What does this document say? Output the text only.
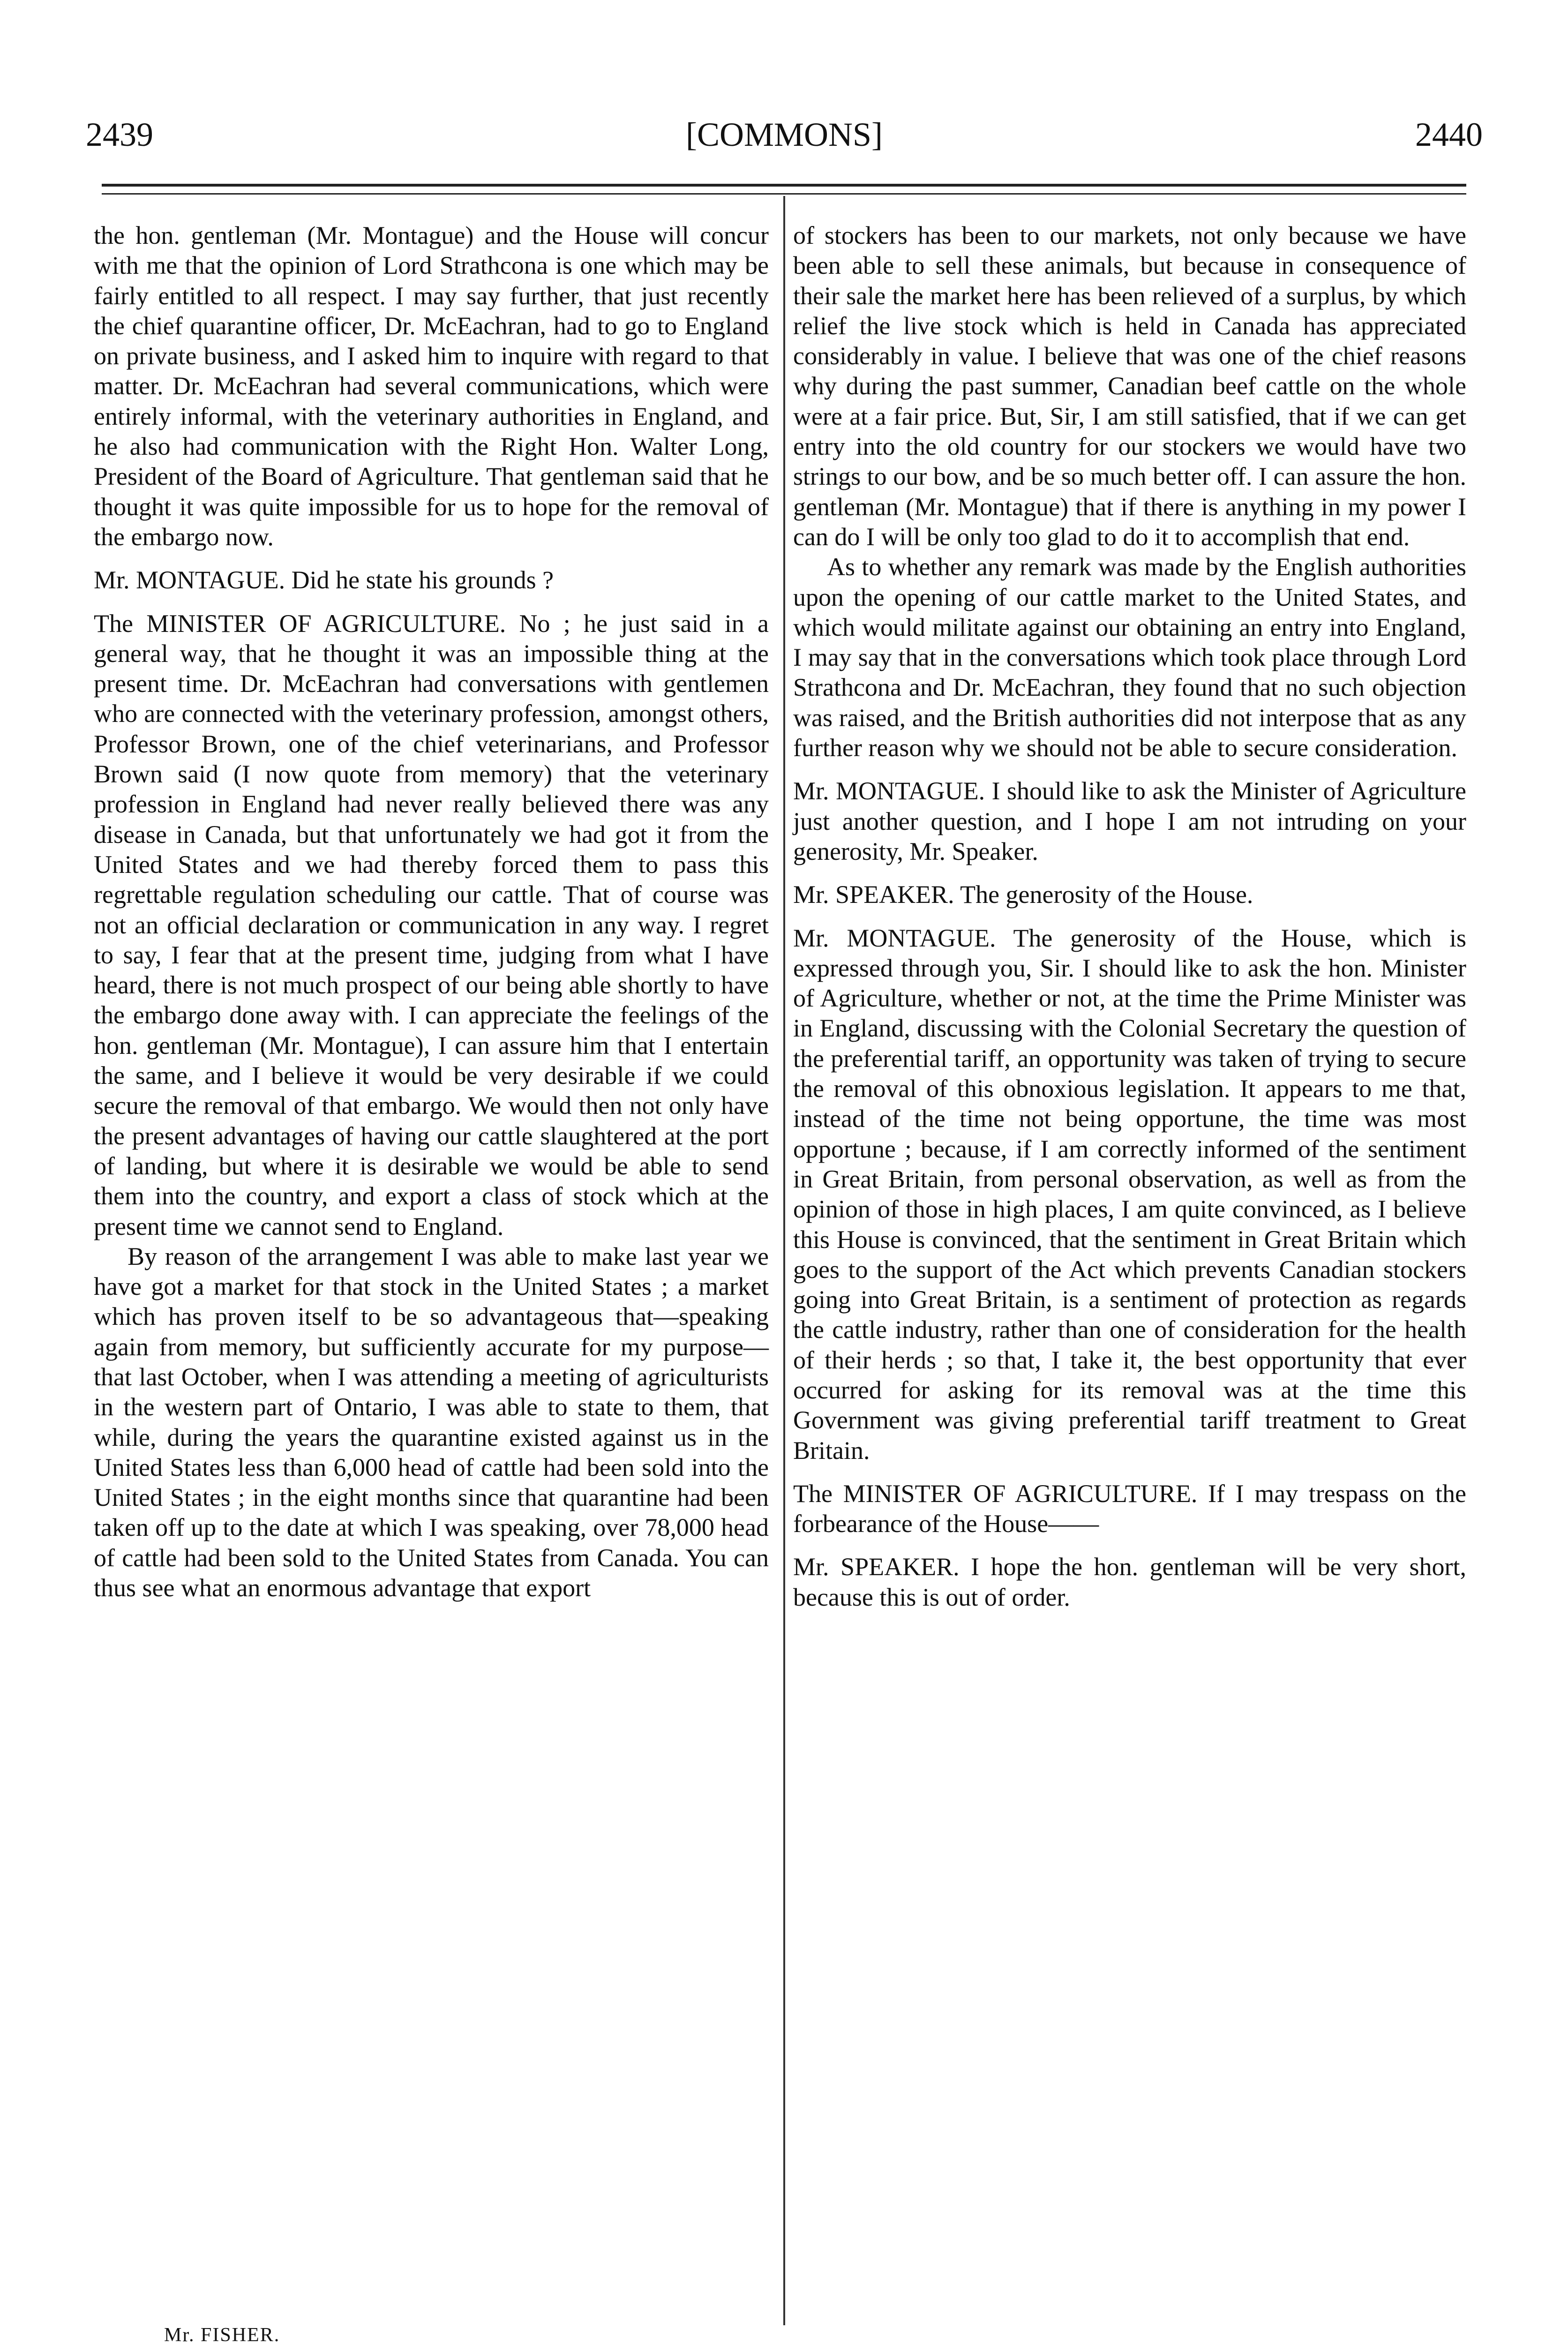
2439	[COMMONS]	2440

the hon. gentleman (Mr. Montague) and the House will concur with me that the opinion of Lord Strathcona is one which may be fairly entitled to all respect. I may say further, that just recently the chief quarantine officer, Dr. McEachran, had to go to England on private business, and I asked him to inquire with regard to that matter. Dr. McEachran had several communications, which were entirely informal, with the veterinary authorities in England, and he also had communication with the Right Hon. Walter Long, President of the Board of Agriculture. That gentleman said that he thought it was quite impossible for us to hope for the removal of the embargo now.

Mr. MONTAGUE. Did he state his grounds ?

The MINISTER OF AGRICULTURE. No ; he just said in a general way, that he thought it was an impossible thing at the present time. Dr. McEachran had conversations with gentlemen who are connected with the veterinary profession, amongst others, Professor Brown, one of the chief veterinarians, and Professor Brown said (I now quote from memory) that the veterinary profession in England had never really believed there was any disease in Canada, but that unfortunately we had got it from the United States and we had thereby forced them to pass this regrettable regulation scheduling our cattle. That of course was not an official declaration or communication in any way. I regret to say, I fear that at the present time, judging from what I have heard, there is not much prospect of our being able shortly to have the embargo done away with. I can appreciate the feelings of the hon. gentleman (Mr. Montague), I can assure him that I entertain the same, and I believe it would be very desirable if we could secure the removal of that embargo. We would then not only have the present advantages of having our cattle slaughtered at the port of landing, but where it is desirable we would be able to send them into the country, and export a class of stock which at the present time we cannot send to England.

By reason of the arrangement I was able to make last year we have got a market for that stock in the United States ; a market which has proven itself to be so advantageous that—speaking again from memory, but sufficiently accurate for my purpose—that last October, when I was attending a meeting of agriculturists in the western part of Ontario, I was able to state to them, that while, during the years the quarantine existed against us in the United States less than 6,000 head of cattle had been sold into the United States ; in the eight months since that quarantine had been taken off up to the date at which I was speaking, over 78,000 head of cattle had been sold to the United States from Canada. You can thus see what an enormous advantage that export

of stockers has been to our markets, not only because we have been able to sell these animals, but because in consequence of their sale the market here has been relieved of a surplus, by which relief the live stock which is held in Canada has appreciated considerably in value. I believe that was one of the chief reasons why during the past summer, Canadian beef cattle on the whole were at a fair price. But, Sir, I am still satisfied, that if we can get entry into the old country for our stockers we would have two strings to our bow, and be so much better off. I can assure the hon. gentleman (Mr. Montague) that if there is anything in my power I can do I will be only too glad to do it to accomplish that end.

As to whether any remark was made by the English authorities upon the opening of our cattle market to the United States, and which would militate against our obtaining an entry into England, I may say that in the conversations which took place through Lord Strathcona and Dr. McEachran, they found that no such objection was raised, and the British authorities did not interpose that as any further reason why we should not be able to secure consideration.

Mr. MONTAGUE. I should like to ask the Minister of Agriculture just another question, and I hope I am not intruding on your generosity, Mr. Speaker.

Mr. SPEAKER. The generosity of the House.

Mr. MONTAGUE. The generosity of the House, which is expressed through you, Sir. I should like to ask the hon. Minister of Agriculture, whether or not, at the time the Prime Minister was in England, discussing with the Colonial Secretary the question of the preferential tariff, an opportunity was taken of trying to secure the removal of this obnoxious legislation. It appears to me that, instead of the time not being opportune, the time was most opportune ; because, if I am correctly informed of the sentiment in Great Britain, from personal observation, as well as from the opinion of those in high places, I am quite convinced, as I believe this House is convinced, that the sentiment in Great Britain which goes to the support of the Act which prevents Canadian stockers going into Great Britain, is a sentiment of protection as regards the cattle industry, rather than one of consideration for the health of their herds ; so that, I take it, the best opportunity that ever occurred for asking for its removal was at the time this Government was giving preferential tariff treatment to Great Britain.

The MINISTER OF AGRICULTURE. If I may trespass on the forbearance of the House——

Mr. SPEAKER. I hope the hon. gentleman will be very short, because this is out of order.

Mr. FISHER.
